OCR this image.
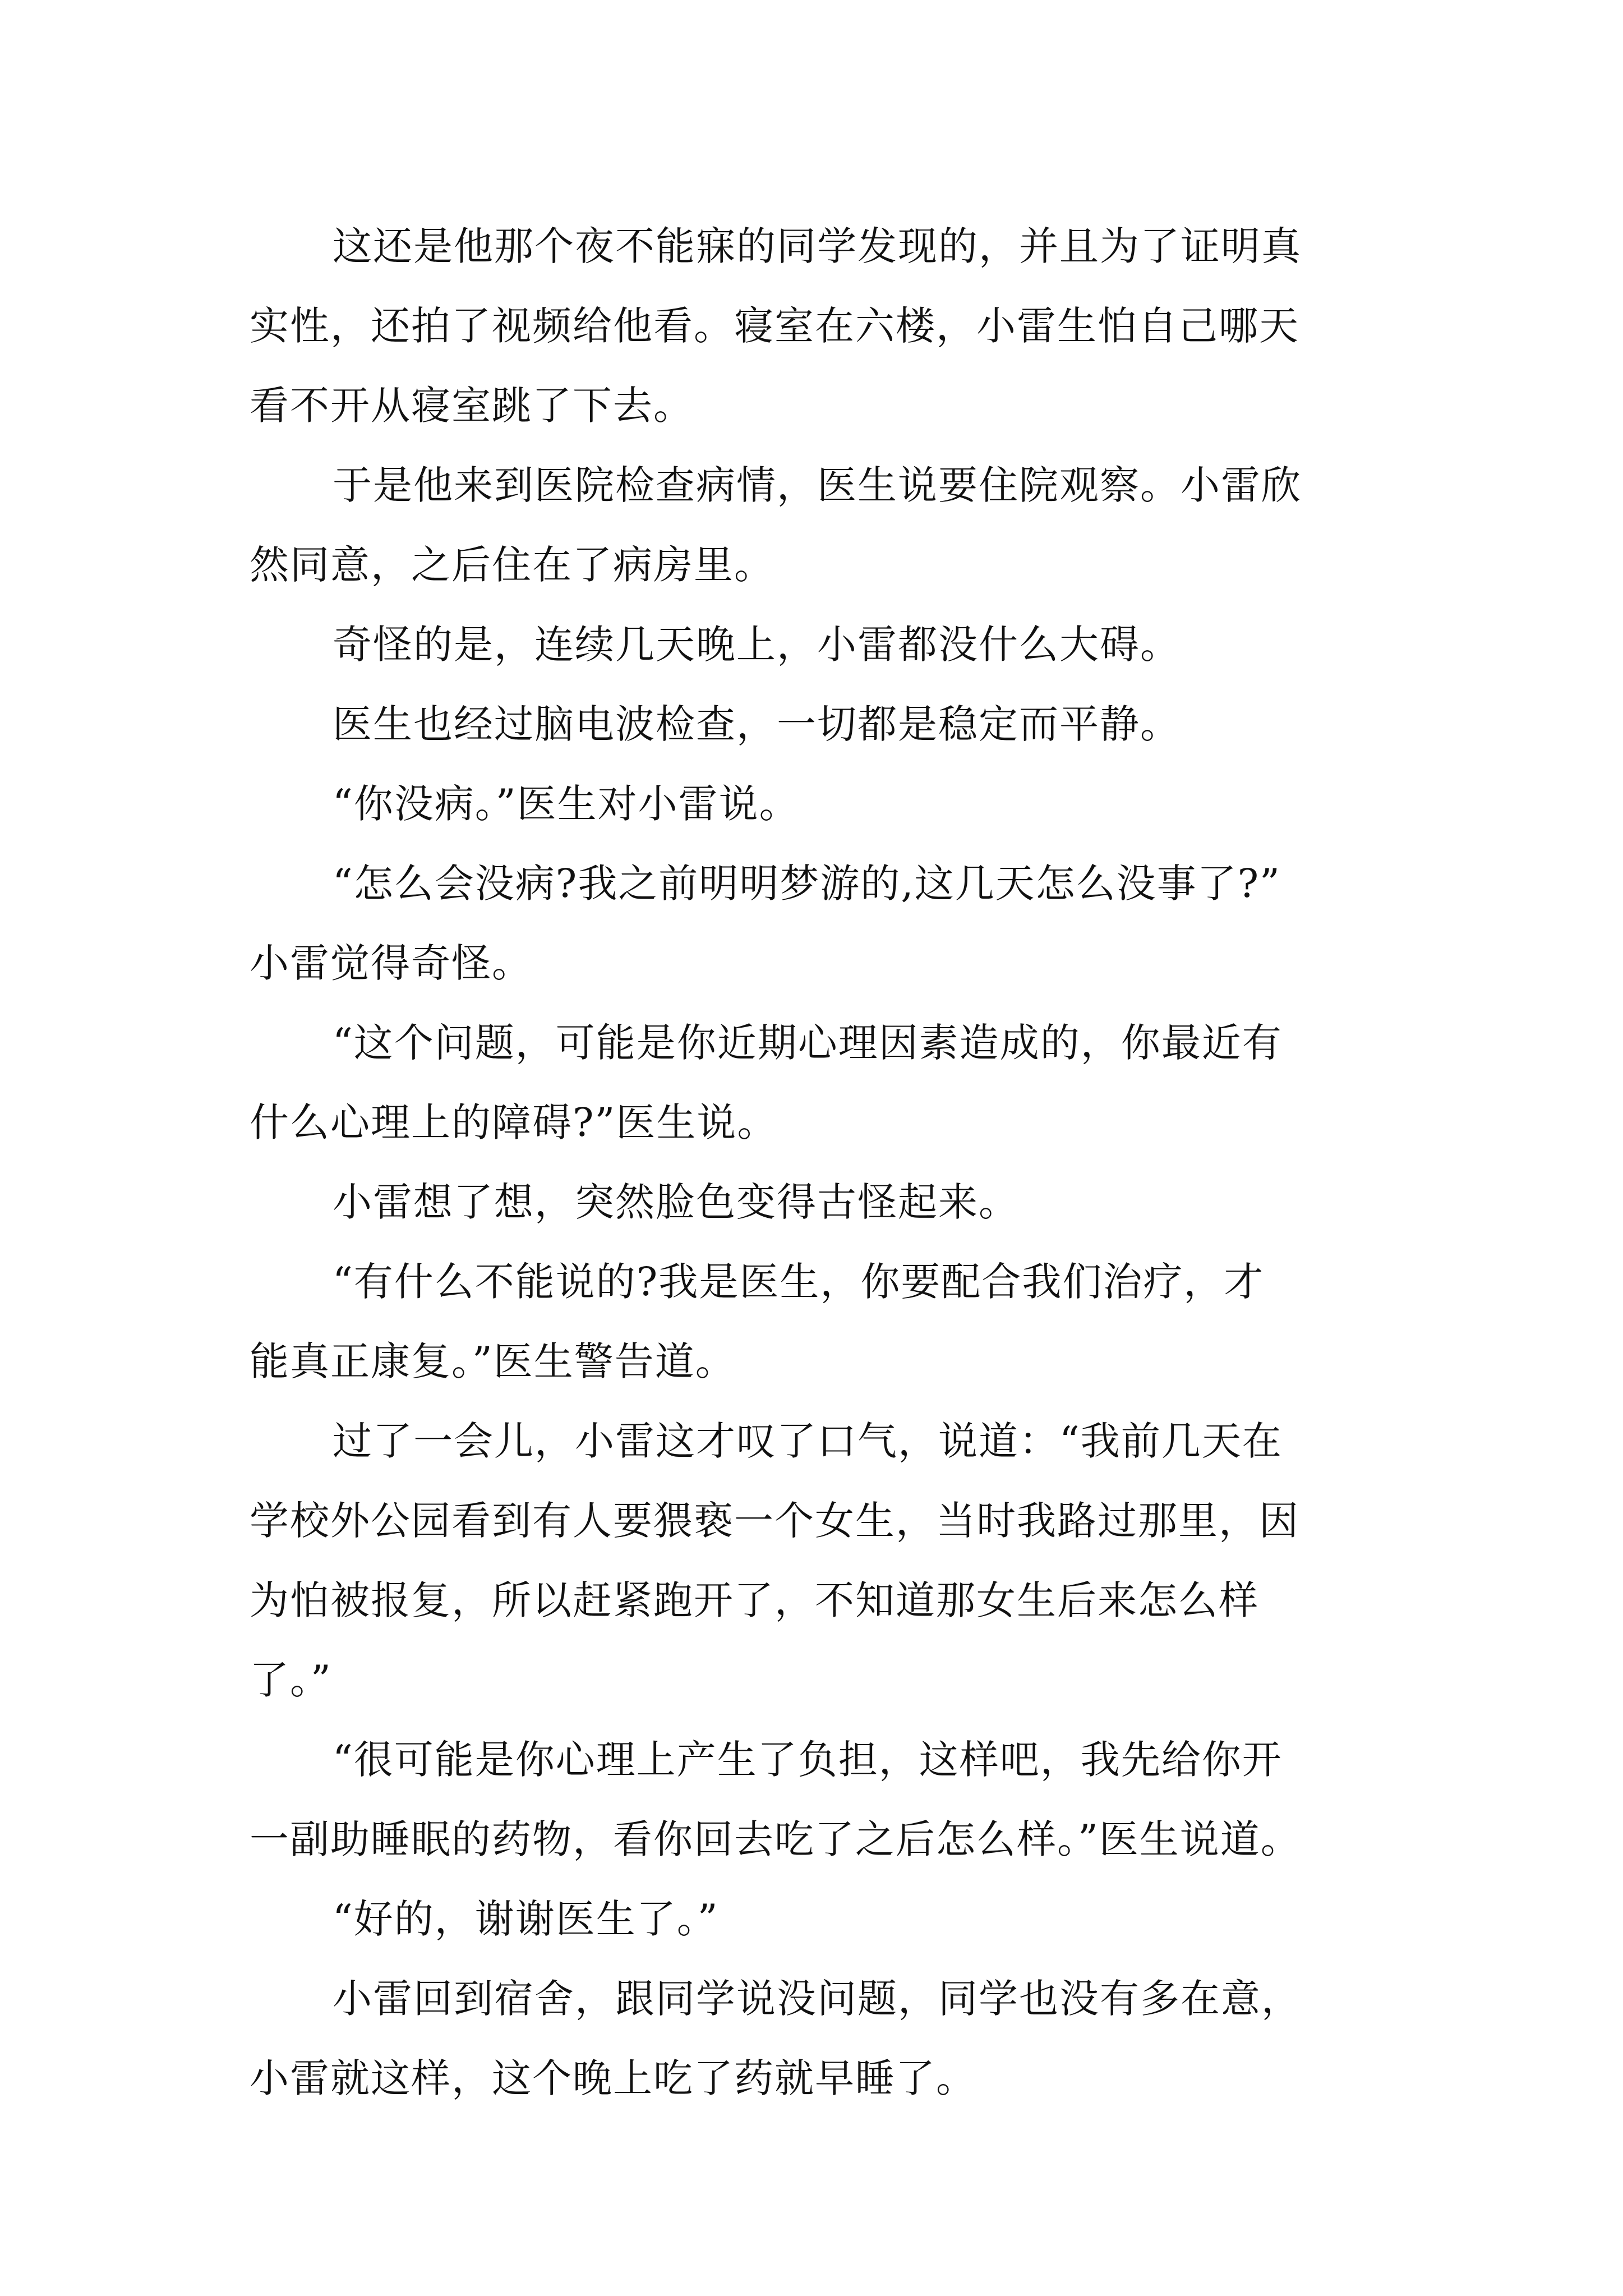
这还是他那个夜不能寐的同学发现的，并且为了证明真
实性，还拍了视频给他看。寝室在六楼，小雷生怕自己哪天
看不开从寝室跳了下去。
于是他来到医院检查病情，医生说要住院观察。小雷欣
然同意，之后住在了病房里。
奇怪的是，连续几天晚上，小雷都没什么大碍。
医生也经过脑电波检查，一切都是稳定而平静。
“你没病。”医生对小雷说。
“怎么会没病?我之前明明梦游的,这几天怎么没事了?”
小雷觉得奇怪。
“这个问题，可能是你近期心理因素造成的，你最近有
什么心理上的障碍?”医生说。
小雷想了想，突然脸色变得古怪起来。
“有什么不能说的?我是医生，你要配合我们治疗，才
能真正康复。”医生警告道。
过了一会儿，小雷这才叹了口气，说道：“我前几天在
学校外公园看到有人要猥亵一个女生，当时我路过那里，因
为怕被报复，所以赶紧跑开了，不知道那女生后来怎么样
了。”
“很可能是你心理上产生了负担，这样吧，我先给你开
一副助睡眠的药物，看你回去吃了之后怎么样。”医生说道。
“好的，谢谢医生了。”
小雷回到宿舍，跟同学说没问题，同学也没有多在意，
小雷就这样，这个晚上吃了药就早睡了。
